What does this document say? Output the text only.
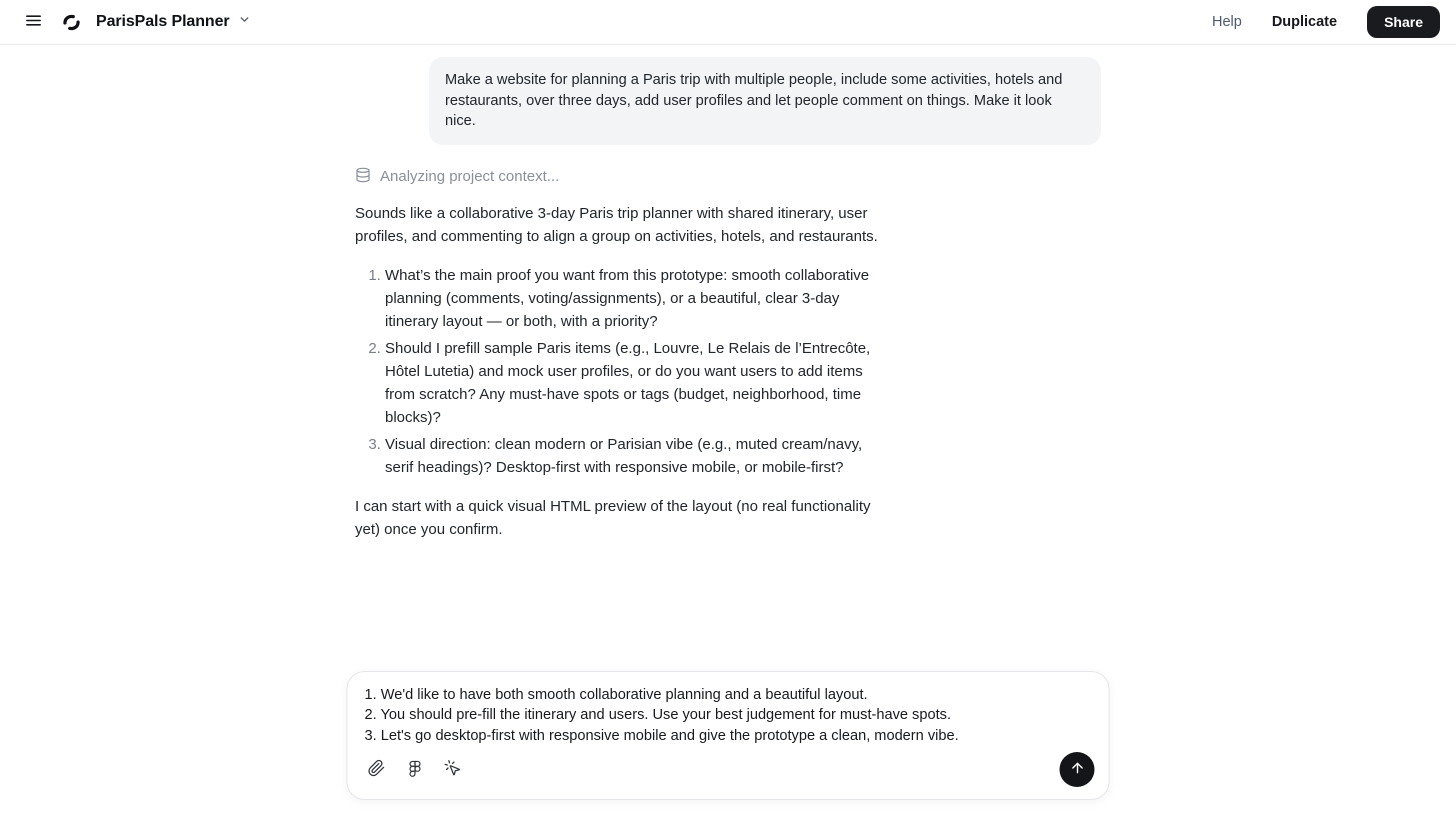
ParisPals Planner	Help Duplicate	Share
Make a website for planning a Paris trip with multiple people, include some activities, hotels and restaurants, over three days, add user profiles and let people comment on things. Make it look nice.
Analyzing project context...

Sounds like a collaborative 3-day Paris trip planner with shared itinerary, user profiles, and commenting to align a group on activities, hotels, and restaurants.

1. What’s the main proof you want from this prototype: smooth collaborative planning (comments, voting/assignments), or a beautiful, clear 3-day itinerary layout — or both, with a priority?
2. Should I prefill sample Paris items (e.g., Louvre, Le Relais de l’Entrecôte, Hôtel Lutetia) and mock user profiles, or do you want users to add items from scratch? Any must-have spots or tags (budget, neighborhood, time blocks)?
3. Visual direction: clean modern or Parisian vibe (e.g., muted cream/navy, serif headings)? Desktop-first with responsive mobile, or mobile-first?

I can start with a quick visual HTML preview of the layout (no real functionality yet) once you confirm.

1. We'd like to have both smooth collaborative planning and a beautiful layout. 2. You should pre-fill the itinerary and users. Use your best judgement for must-have spots. 3. Let's go desktop-first with responsive mobile and give the prototype a clean, modern vibe.
